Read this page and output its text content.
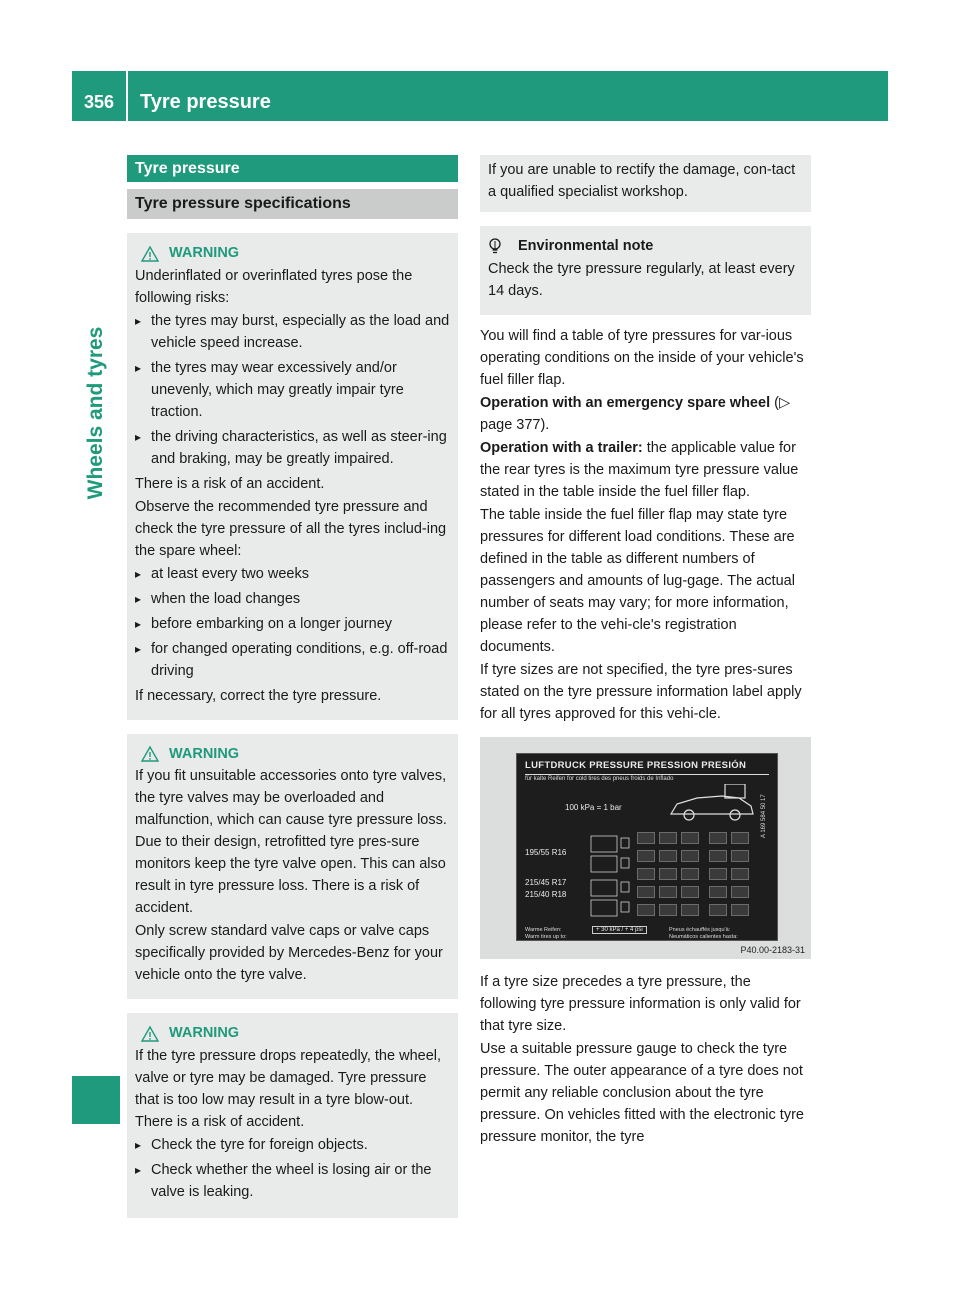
356	Tyre pressure
Wheels and tyres
Tyre pressure
Tyre pressure specifications
WARNING

Underinflated or overinflated tyres pose the following risks:

▸ the tyres may burst, especially as the load and vehicle speed increase.
▸ the tyres may wear excessively and/or unevenly, which may greatly impair tyre traction.
▸ the driving characteristics, as well as steer-ing and braking, may be greatly impaired.

There is a risk of an accident.

Observe the recommended tyre pressure and check the tyre pressure of all the tyres includ-ing the spare wheel:

▸ at least every two weeks
▸ when the load changes
▸ before embarking on a longer journey
▸ for changed operating conditions, e.g. off-road driving

If necessary, correct the tyre pressure.

WARNING

If you fit unsuitable accessories onto tyre valves, the tyre valves may be overloaded and malfunction, which can cause tyre pressure loss. Due to their design, retrofitted tyre pres-sure monitors keep the tyre valve open. This can also result in tyre pressure loss. There is a risk of accident.

Only screw standard valve caps or valve caps specifically provided by Mercedes-Benz for your vehicle onto the tyre valve.

WARNING

If the tyre pressure drops repeatedly, the wheel, valve or tyre may be damaged. Tyre pressure that is too low may result in a tyre blow-out. There is a risk of accident.

▸ Check the tyre for foreign objects.
▸ Check whether the wheel is losing air or the valve is leaking.

If you are unable to rectify the damage, con-tact a qualified specialist workshop.

Environmental note

Check the tyre pressure regularly, at least every 14 days.

You will find a table of tyre pressures for var-ious operating conditions on the inside of your vehicle's fuel filler flap.

Operation with an emergency spare wheel (▷ page 377).

Operation with a trailer: the applicable value for the rear tyres is the maximum tyre pressure value stated in the table inside the fuel filler flap.

The table inside the fuel filler flap may state tyre pressures for different load conditions. These are defined in the table as different numbers of passengers and amounts of lug-gage. The actual number of seats may vary; for more information, please refer to the vehi-cle's registration documents.

If tyre sizes are not specified, the tyre pres-sures stated on the tyre pressure information label apply for all tyres approved for this vehi-cle.

LUFTDRUCK PRESSURE PRESSION PRESIÓN
für kalte Reifen for cold tires des pneus froids de Inflado
100 kPa = 1 bar	A 169 584 50 17
195/55 R16
215/45 R17
215/40 R18
Warme Reifen:
Warm tires up to:
+ 30 kPa / + 4 psi	Pneus échauffés jusqu'à:
Neumáticos calientes hasta:
P40.00-2183-31

If a tyre size precedes a tyre pressure, the following tyre pressure information is only valid for that tyre size.

Use a suitable pressure gauge to check the tyre pressure. The outer appearance of a tyre does not permit any reliable conclusion about the tyre pressure. On vehicles fitted with the electronic tyre pressure monitor, the tyre
